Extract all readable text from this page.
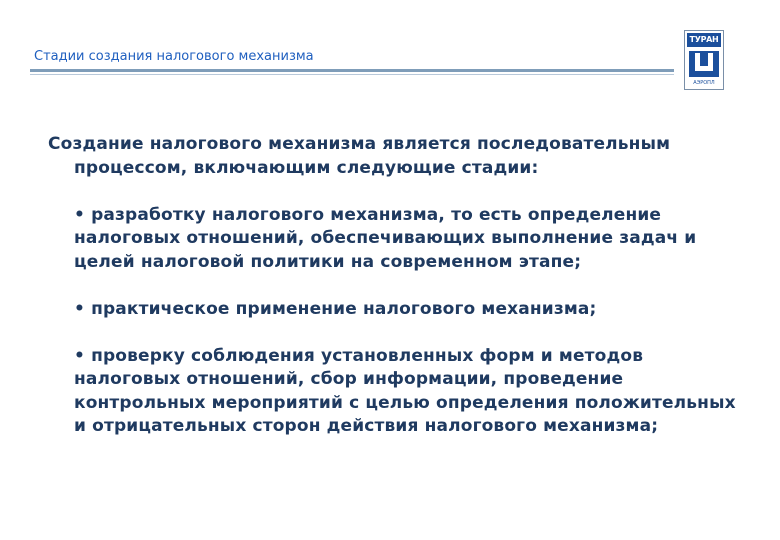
Стадии создания налогового механизма
ТУРАН
АЭРОПЛ

Создание налогового механизма является последовательным процессом, включающим следующие стадии:

• разработку налогового механизма, то есть определение налоговых отношений, обеспечивающих выполнение задач и целей налоговой политики на современном этапе;

• практическое применение налогового механизма;

• проверку соблюдения установленных форм и методов налоговых отношений, сбор информации, проведение контрольных мероприятий с целью определения положительных и отрицательных сторон действия налогового механизма;
